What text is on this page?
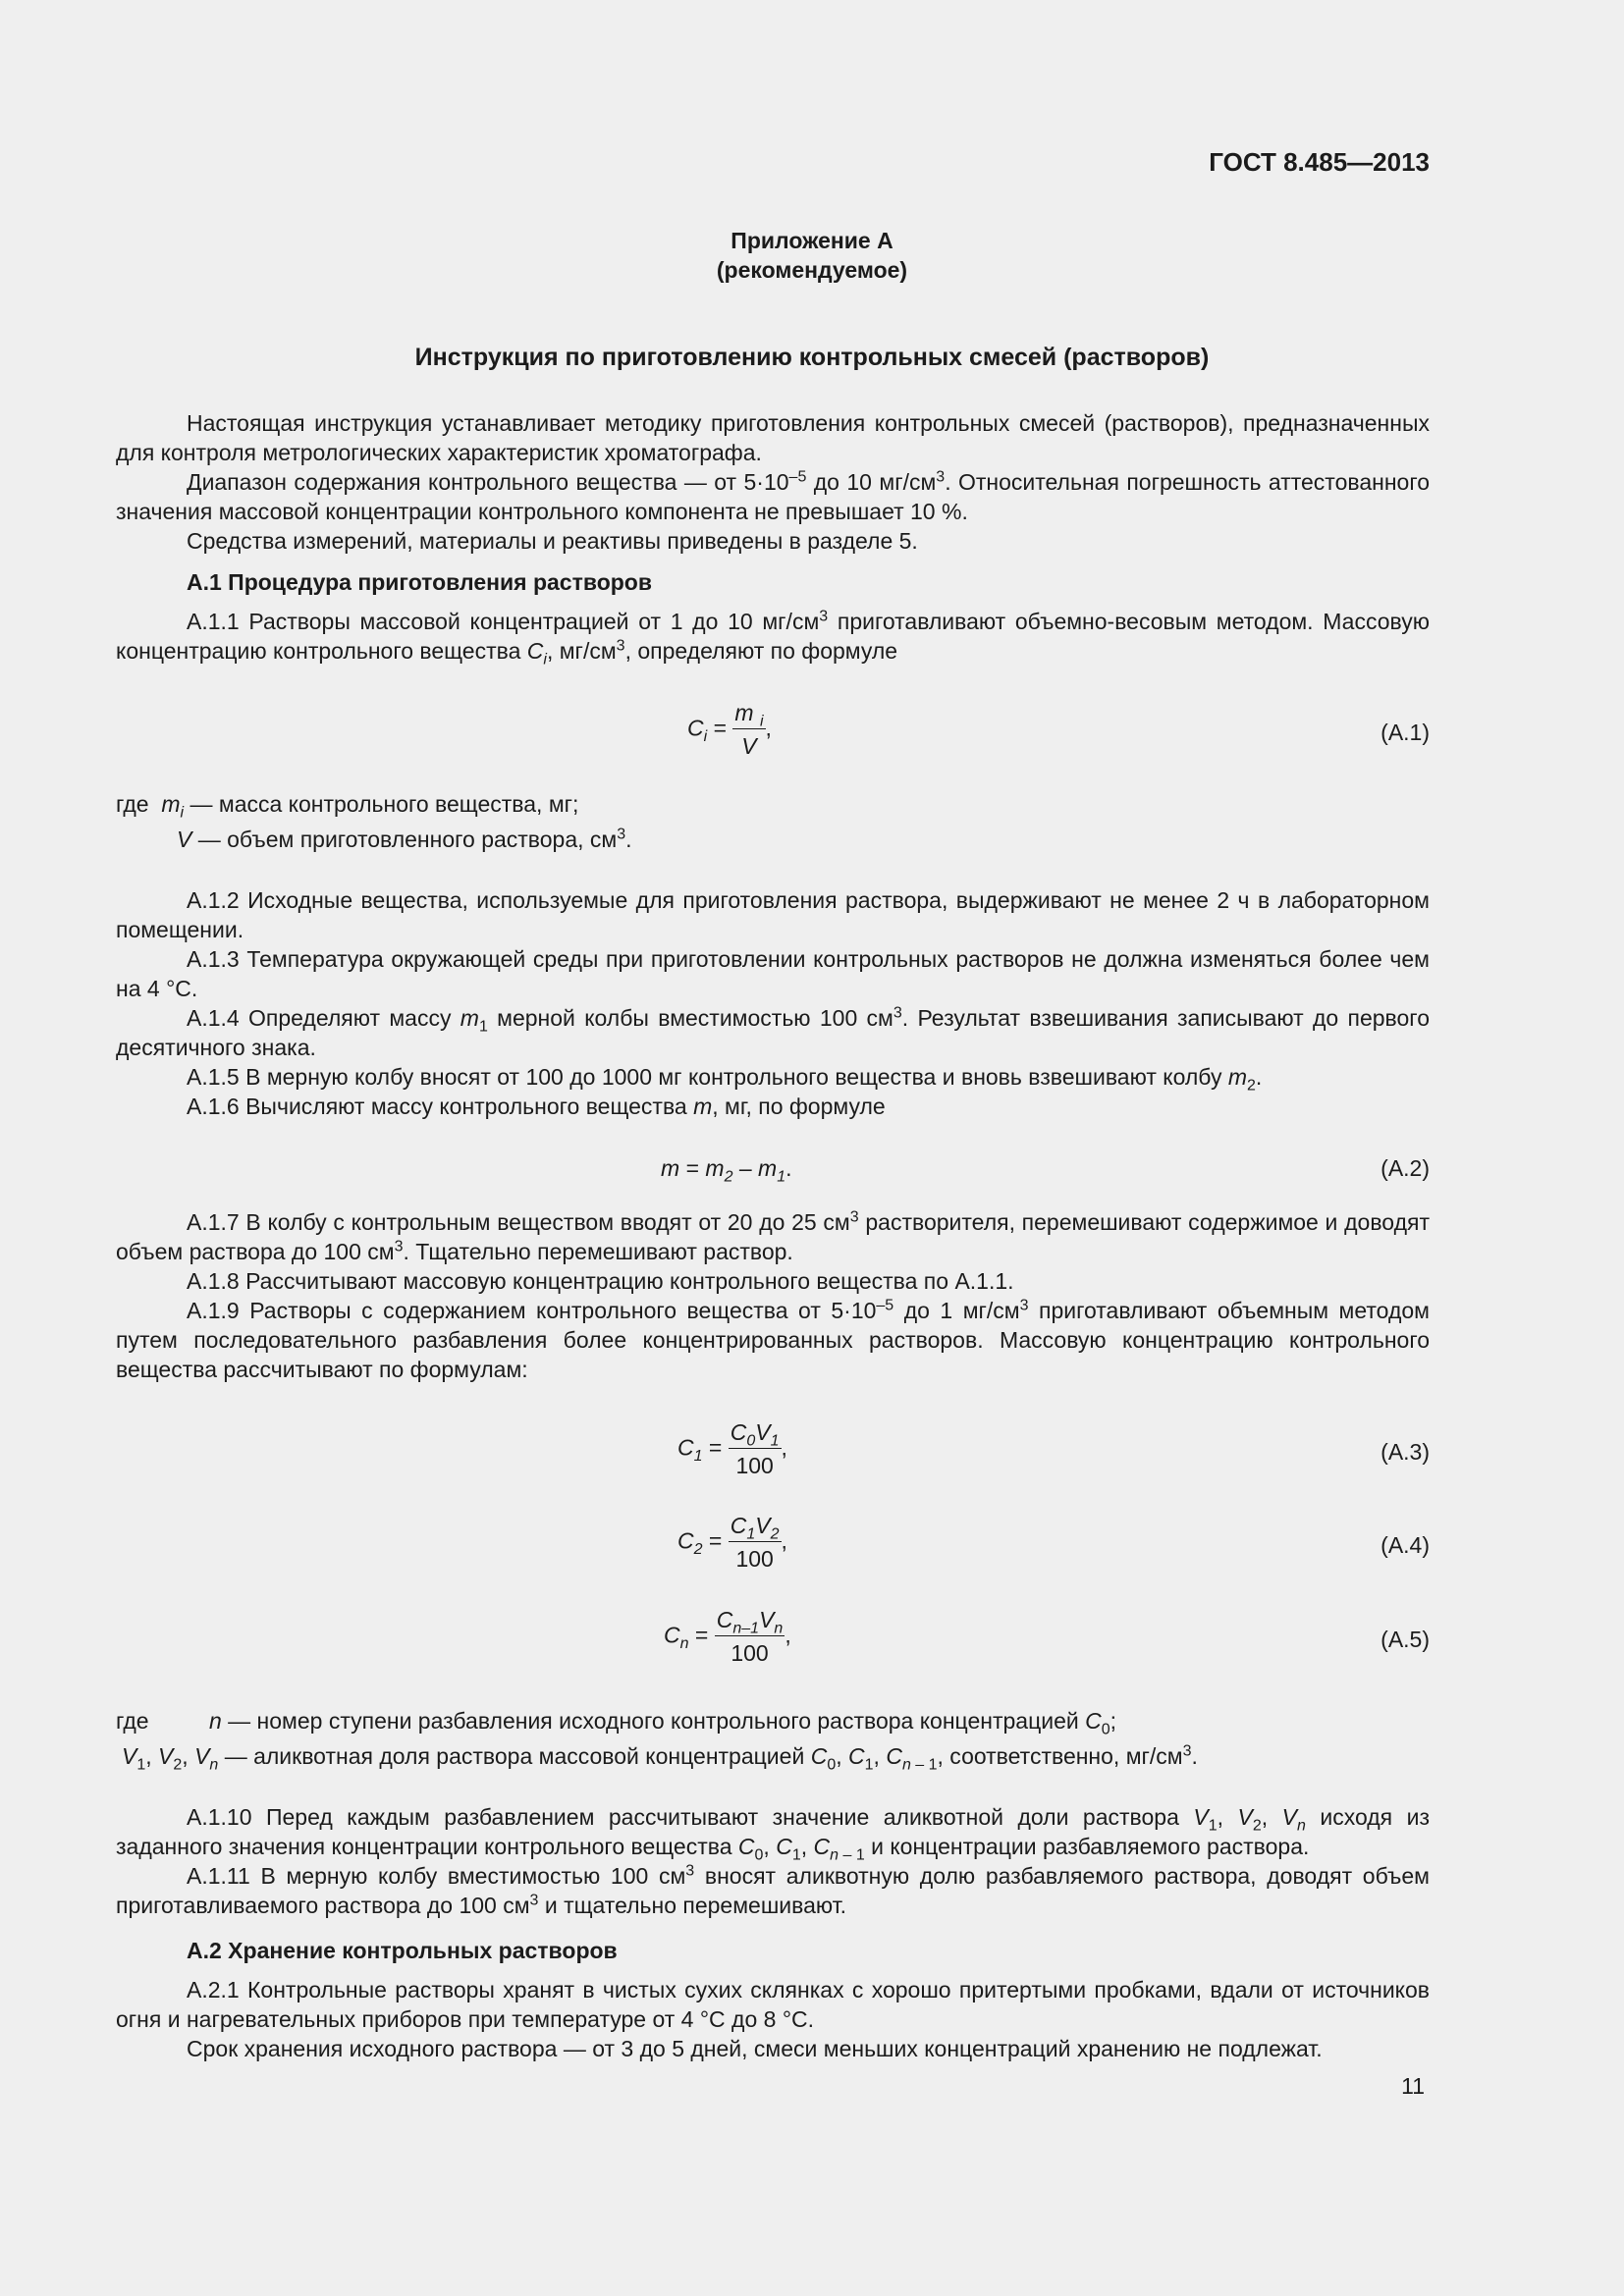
ГОСТ 8.485—2013
Приложение А
(рекомендуемое)
Инструкция по приготовлению контрольных смесей (растворов)

Настоящая инструкция устанавливает методику приготовления контрольных смесей (растворов), предназначенных для контроля метрологических характеристик хроматографа.

Диапазон содержания контрольного вещества — от $5\cdot 10^{-5}$ до 10 $мг/см^3$. Относительная погрешность аттестованного значения массовой концентрации контрольного компонента не превышает 10 %.

Средства измерений, материалы и реактивы приведены в разделе 5.

А.1 Процедура приготовления растворов

А.1.1 Растворы массовой концентрацией от 1 до 10 $мг/см^3$ приготавливают объемно-весовым методом. Массовую концентрацию контрольного вещества $C_i$, $мг/см^3$, определяют по формуле

$C_i = \frac{m _i}{V}$ ,	(А.1)
где $m_i$ — масса контрольного вещества, мг;
V — объем приготовленного раствора, $см^3$.

А.1.2 Исходные вещества, используемые для приготовления раствора, выдерживают не менее 2 ч в лабораторном помещении.

А.1.3 Температура окружающей среды при приготовлении контрольных растворов не должна изменяться более чем на 4 °С.

А.1.4 Определяют массу $m_1$ мерной колбы вместимостью 100 $см^3$. Результат взвешивания записывают до первого десятичного знака.

А.1.5 В мерную колбу вносят от 100 до 1000 мг контрольного вещества и вновь взвешивают колбу $m_2$.

А.1.6 Вычисляют массу контрольного вещества m, мг, по формуле

$m = m_2 - m_1$.	(А.2)

А.1.7 В колбу с контрольным веществом вводят от 20 до 25 $см^3$ растворителя, перемешивают содержимое и доводят объем раствора до 100 $см^3$. Тщательно перемешивают раствор.

А.1.8 Рассчитывают массовую концентрацию контрольного вещества по А.1.1.

А.1.9 Растворы с содержанием контрольного вещества от $5\cdot 10^{-5}$ до 1 $мг/см^3$ приготавливают объемным методом путем последовательного разбавления более концентрированных растворов. Массовую концентрацию контрольного вещества рассчитывают по формулам:

$C_1 = \frac{C_0V_1}{100}$ ,	(А.3)
$C_2 = \frac{C_1V_2}{100}$ ,	(А.4)
$C_n = \frac{C_{n-1}V_n}{100}$ ,	(А.5)
где	n — номер ступени разбавления исходного контрольного раствора концентрацией $C_0$;
$V_1$, $V_2$, $V_n$ — аликвотная доля раствора массовой концентрацией $C_0$, $C_1$, $C_n$ $_{- 1}$, соответственно, $мг/см^3$.

А.1.10 Перед каждым разбавлением рассчитывают значение аликвотной доли раствора $V_1$, $V_2$, $V_n$ исходя из заданного значения концентрации контрольного вещества $C_0$, $C_1$, $C_n$ $_{- 1}$ и концентрации разбавляемого раствора.

А.1.11 В мерную колбу вместимостью 100 $см^3$ вносят аликвотную долю разбавляемого раствора, доводят объем приготавливаемого раствора до 100 $см^3$ и тщательно перемешивают.

А.2 Хранение контрольных растворов

А.2.1 Контрольные растворы хранят в чистых сухих склянках с хорошо притертыми пробками, вдали от источников огня и нагревательных приборов при температуре от 4 °С до 8 °С.

Срок хранения исходного раствора — от 3 до 5 дней, смеси меньших концентраций хранению не подлежат.

11
